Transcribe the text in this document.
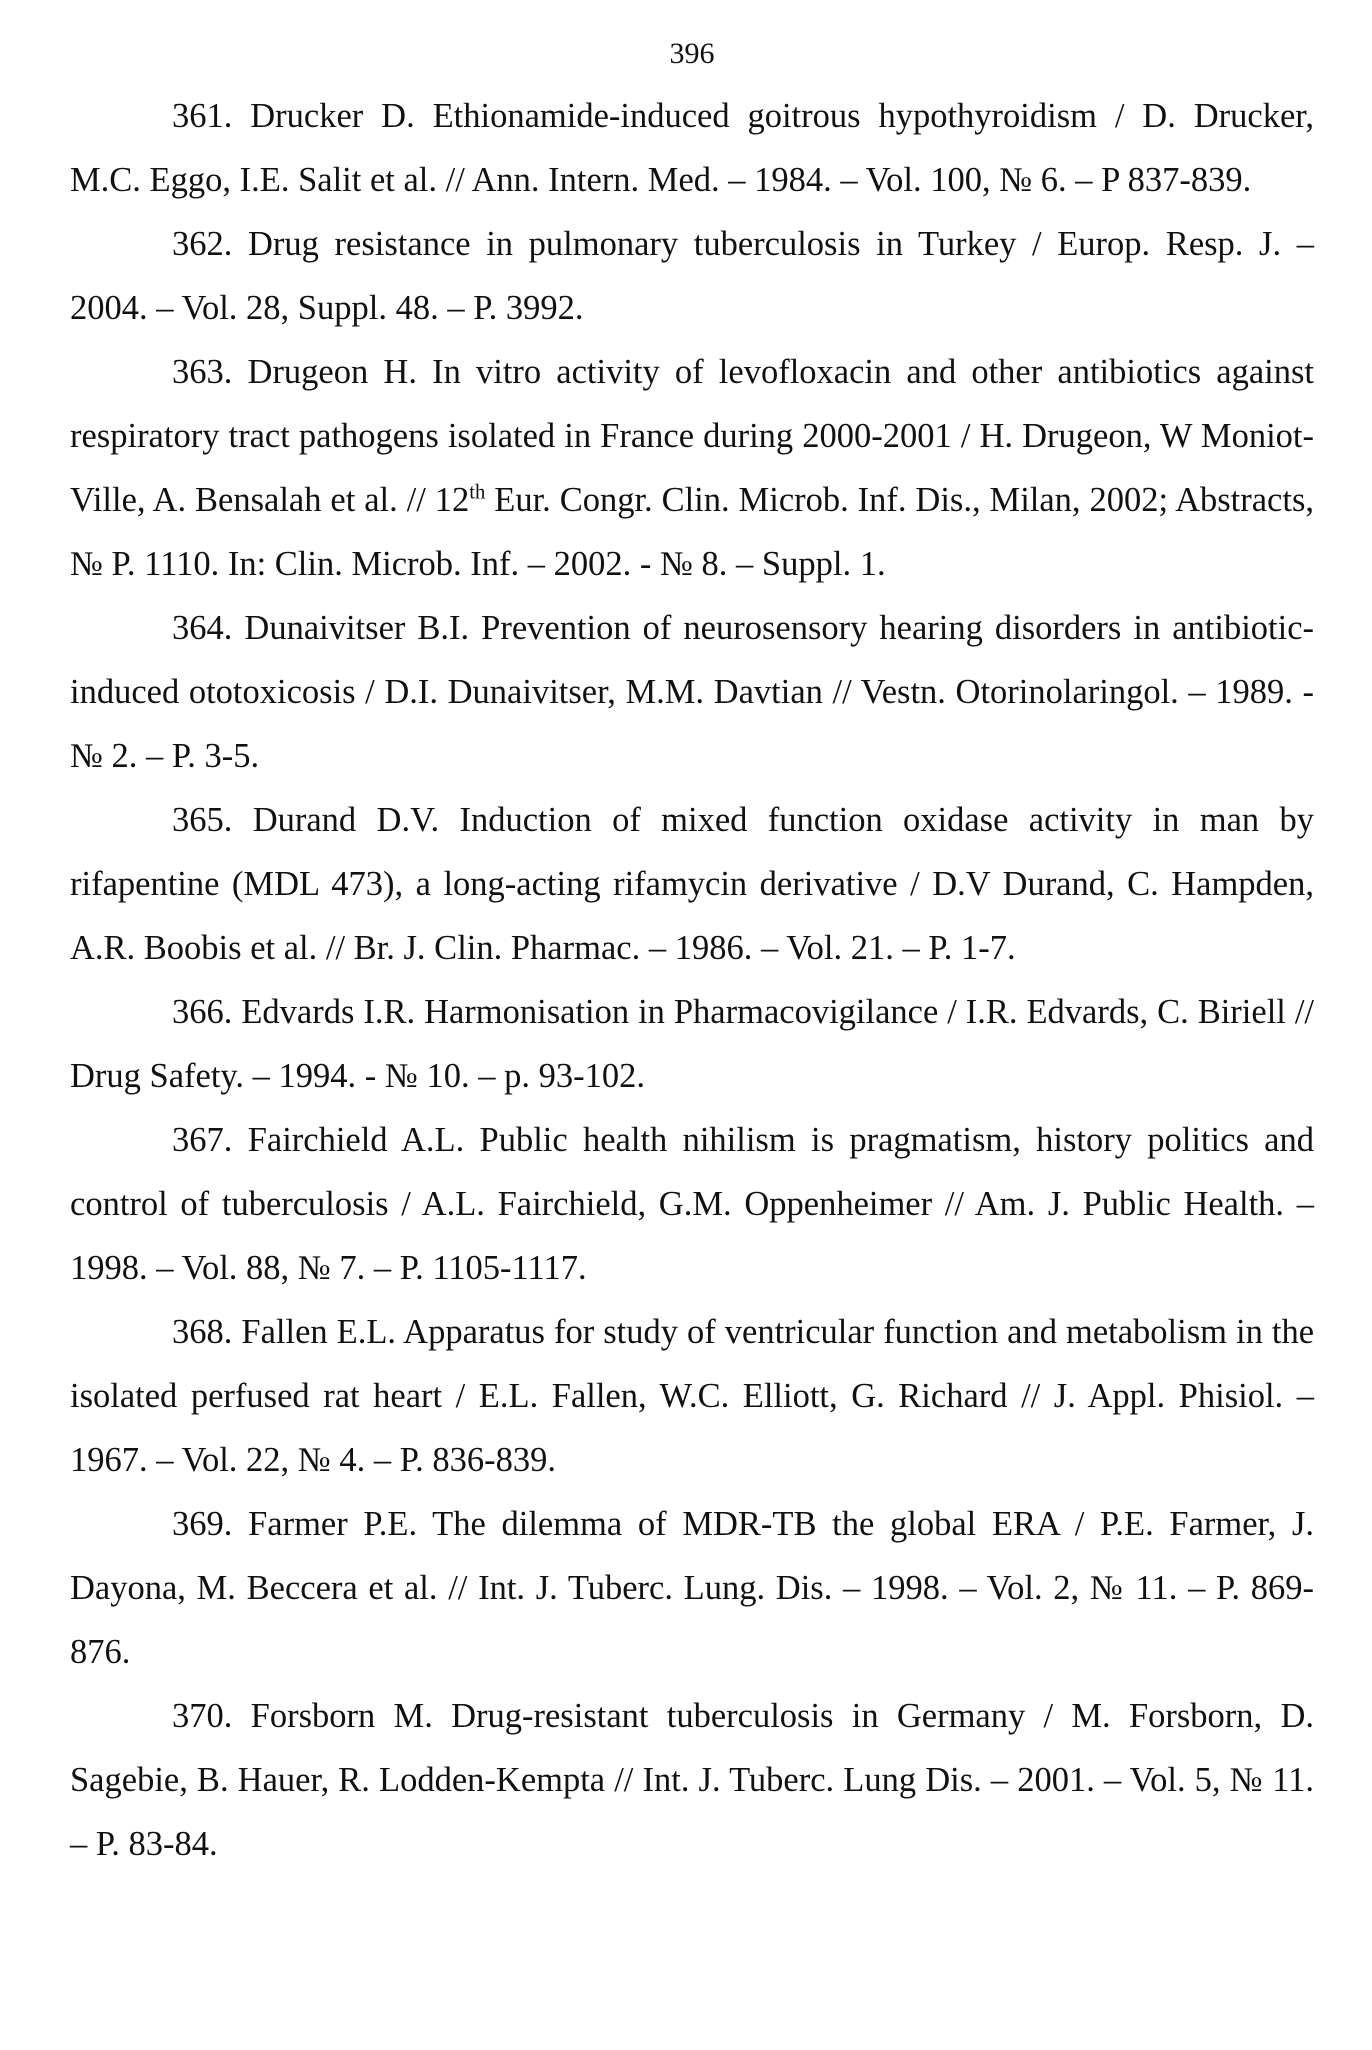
396

361. Drucker D. Ethionamide-induced goitrous hypothyroidism / D. Drucker, M.C. Eggo, I.E. Salit et al. // Ann. Intern. Med. – 1984. – Vol. 100, № 6. – P 837-839.

362. Drug resistance in pulmonary tuberculosis in Turkey / Europ. Resp. J. – 2004. – Vol. 28, Suppl. 48. – P. 3992.

363. Drugeon H. In vitro activity of levofloxacin and other antibiotics against respiratory tract pathogens isolated in France during 2000-2001 / H. Drugeon, W Moniot-Ville, A. Bensalah et al. // 12th Eur. Congr. Clin. Microb. Inf. Dis., Milan, 2002; Abstracts, № P. 1110. In: Clin. Microb. Inf. – 2002. - № 8. – Suppl. 1.

364. Dunaivitser B.I. Prevention of neurosensory hearing disorders in antibiotic-induced ototoxicosis / D.I. Dunaivitser, M.M. Davtian // Vestn. Otorinolaringol. – 1989. - № 2. – P. 3-5.

365. Durand D.V. Induction of mixed function oxidase activity in man by rifapentine (MDL 473), a long-acting rifamycin derivative / D.V Durand, C. Hampden, A.R. Boobis et al. // Br. J. Clin. Pharmac. – 1986. – Vol. 21. – P. 1-7.

366. Edvards I.R. Harmonisation in Pharmacovigilance / I.R. Edvards, C. Biriell // Drug Safety. – 1994. - № 10. – p. 93-102.

367. Fairchield A.L. Public health nihilism is pragmatism, history politics and control of tuberculosis / A.L. Fairchield, G.M. Oppenheimer // Am. J. Public Health. – 1998. – Vol. 88, № 7. – P. 1105-1117.

368. Fallen E.L. Apparatus for study of ventricular function and metabolism in the isolated perfused rat heart / E.L. Fallen, W.C. Elliott, G. Richard // J. Appl. Phisiol. – 1967. – Vol. 22, № 4. – P. 836-839.

369. Farmer P.E. The dilemma of MDR-TB the global ERA / P.E. Farmer, J. Dayona, M. Beccera et al. // Int. J. Tuberc. Lung. Dis. – 1998. – Vol. 2, № 11. – P. 869-876.

370. Forsborn M. Drug-resistant tuberculosis in Germany / M. Forsborn, D. Sagebie, B. Hauer, R. Lodden-Kempta // Int. J. Tuberc. Lung Dis. – 2001. – Vol. 5, № 11. – P. 83-84.
